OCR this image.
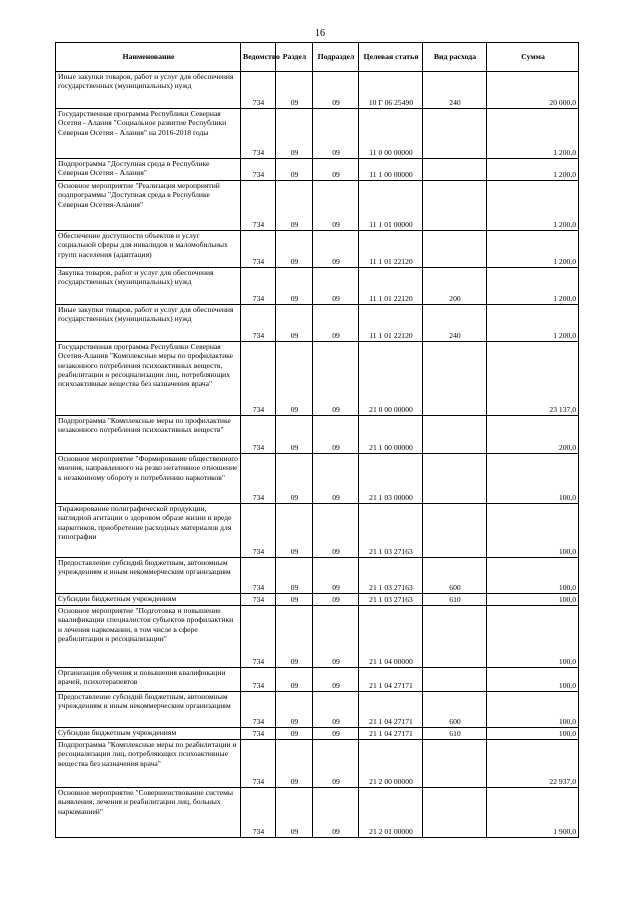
16
Наименование	Ведомство	Раздел	Подраздел	Целевая статья	Вид расхода	Сумма
Иные закупки товаров, работ и услуг для обеспечения государственных (муниципальных) нужд	734	09	09	10 Г 06 25490	240	20 000,0
Государственная программа Республики Северная Осетия - Алания "Социальное развитие Республики Северная Осетия - Алания" на 2016-2018 годы	734	09	09	11 0 00 00000		1 200,0
Подпрограмма "Доступная среда в Республике Северная Осетия - Алания"	734	09	09	11 1 00 00000		1 200,0
Основное мероприятие "Реализация мероприятий подпрограммы "Доступная среда в Республике Северная Осетия-Алания"	734	09	09	11 1 01 00000		1 200,0
Обеспечение доступности объектов и услуг социальной сферы для инвалидов и маломобильных групп населения (адаптация)	734	09	09	11 1 01 22120		1 200,0
Закупка товаров, работ и услуг для обеспечения государственных (муниципальных) нужд	734	09	09	11 1 01 22120	200	1 200,0
Иные закупки товаров, работ и услуг для обеспечения государственных (муниципальных) нужд	734	09	09	11 1 01 22120	240	1 200,0
Государственная программа Республики Северная Осетия-Алания "Комплексные меры по профилактике незаконного потребления психоактивных веществ, реабилитации и ресоциализации лиц, потребляющих психоактивные вещества без назначения врача"	734	09	09	21 0 00 00000		23 137,0
Подпрограмма "Комплексные меры по профилактике незаконного потребления психоактивных веществ"	734	09	09	21 1 00 00000		200,0
Основное мероприятие "Формирование общественного мнения, направленного на резко негативное отношение к незаконному обороту и потреблению наркотиков"	734	09	09	21 1 03 00000		100,0
Тиражирование полиграфической продукции, наглядной агитации о здоровом образе жизни и вреде наркотиков, приобретение расходных материалов для типографии	734	09	09	21 1 03 27163		100,0
Предоставление субсидий бюджетным, автономным учреждениям и иным некоммерческим организациям	734	09	09	21 1 03 27163	600	100,0
Субсидии бюджетным учреждениям	734	09	09	21 1 03 27163	610	100,0
Основное мероприятие "Подготовка и повышение квалификации специалистов субъектов профилактики и лечения наркомании, в том числе в сфере реабилитации и ресоциализации"	734	09	09	21 1 04 00000		100,0
Организация обучения и повышения квалификации врачей, психотерапевтов	734	09	09	21 1 04 27171		100,0
Предоставление субсидий бюджетным, автономным учреждениям и иным некоммерческим организациям	734	09	09	21 1 04 27171	600	100,0
Субсидии бюджетным учреждениям	734	09	09	21 1 04 27171	610	100,0
Подпрограмма "Комплексные меры по реабилитации и ресоциализации лиц, потребляющих психоактивные вещества без назначения врача"	734	09	09	21 2 00 00000		22 937,0
Основное мероприятие "Совершенствование системы выявления, лечения и реабилитации лиц, больных наркоманией"	734	09	09	21 2 01 00000		1 900,0
